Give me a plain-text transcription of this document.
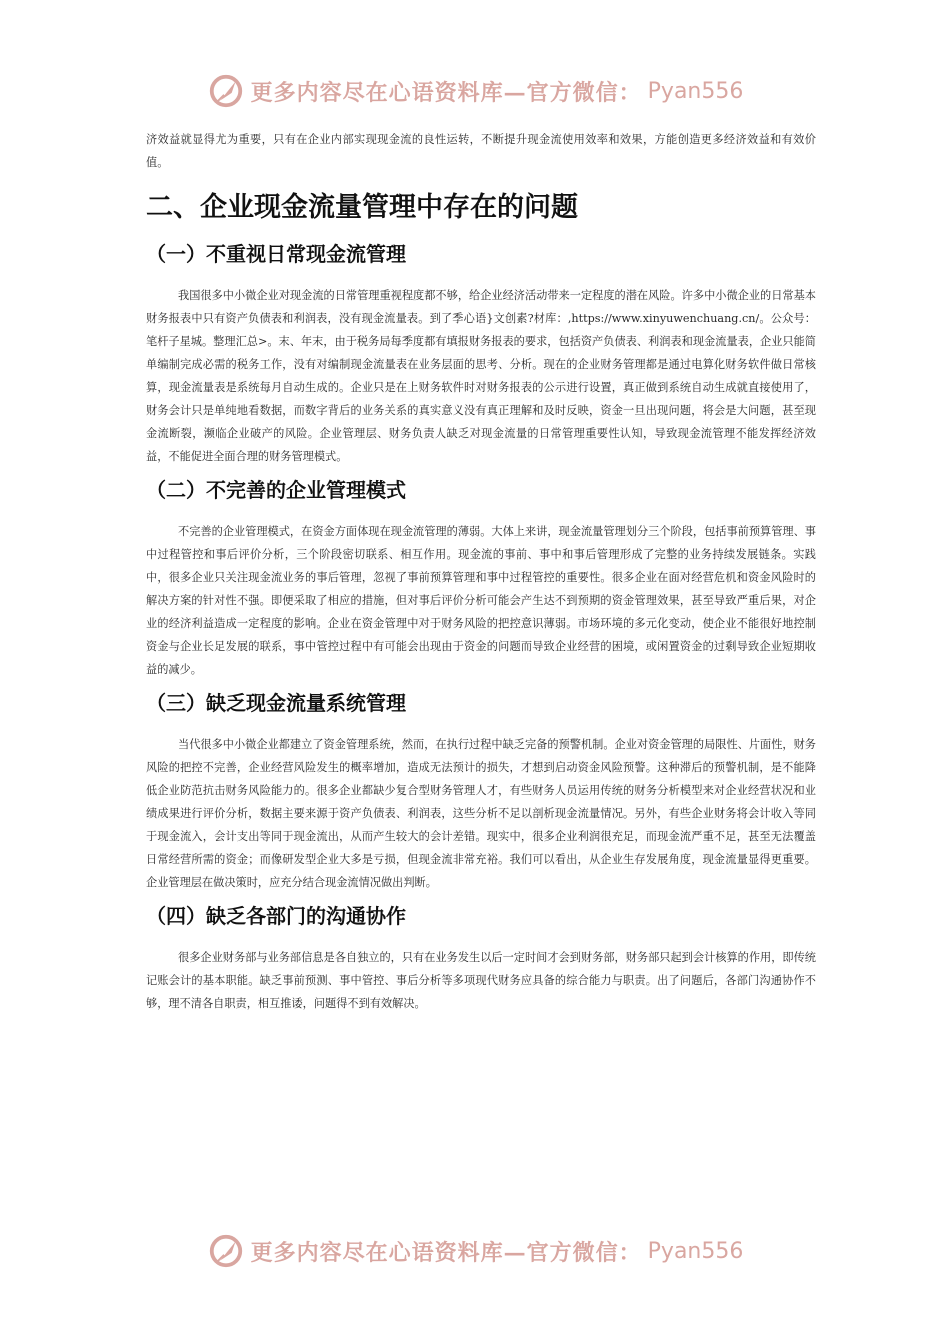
更多内容尽在心语资料库—官方微信： Pyan556

济效益就显得尤为重要，只有在企业内部实现现金流的良性运转，不断提升现金流使用效率和效果，方能创造更多经济效益和有效价值。

二、企业现金流量管理中存在的问题
（一）不重视日常现金流管理

我国很多中小微企业对现金流的日常管理重视程度都不够，给企业经济活动带来一定程度的潜在风险。许多中小微企业的日常基本财务报表中只有资产负债表和利润表，没有现金流量表。到了季心语}文创素?材库：,https://www.xinyuwenchuang.cn/。公众号：笔杆子星城。整理汇总>。末、年末，由于税务局每季度都有填报财务报表的要求，包括资产负债表、利润表和现金流量表，企业只能简单编制完成必需的税务工作，没有对编制现金流量表在业务层面的思考、分析。现在的企业财务管理都是通过电算化财务软件做日常核算，现金流量表是系统每月自动生成的。企业只是在上财务软件时对财务报表的公示进行设置，真正做到系统自动生成就直接使用了，财务会计只是单纯地看数据，而数字背后的业务关系的真实意义没有真正理解和及时反映，资金一旦出现问题，将会是大问题，甚至现金流断裂，濒临企业破产的风险。企业管理层、财务负责人缺乏对现金流量的日常管理重要性认知，导致现金流管理不能发挥经济效益，不能促进全面合理的财务管理模式。

（二）不完善的企业管理模式

不完善的企业管理模式，在资金方面体现在现金流管理的薄弱。大体上来讲，现金流量管理划分三个阶段，包括事前预算管理、事中过程管控和事后评价分析，三个阶段密切联系、相互作用。现金流的事前、事中和事后管理形成了完整的业务持续发展链条。实践中，很多企业只关注现金流业务的事后管理，忽视了事前预算管理和事中过程管控的重要性。很多企业在面对经营危机和资金风险时的解决方案的针对性不强。即便采取了相应的措施，但对事后评价分析可能会产生达不到预期的资金管理效果，甚至导致严重后果，对企业的经济利益造成一定程度的影响。企业在资金管理中对于财务风险的把控意识薄弱。市场环境的多元化变动，使企业不能很好地控制资金与企业长足发展的联系，事中管控过程中有可能会出现由于资金的问题而导致企业经营的困境，或闲置资金的过剩导致企业短期收益的减少。

（三）缺乏现金流量系统管理

当代很多中小微企业都建立了资金管理系统，然而，在执行过程中缺乏完备的预警机制。企业对资金管理的局限性、片面性，财务风险的把控不完善，企业经营风险发生的概率增加，造成无法预计的损失，才想到启动资金风险预警。这种滞后的预警机制，是不能降低企业防范抗击财务风险能力的。很多企业都缺少复合型财务管理人才，有些财务人员运用传统的财务分析模型来对企业经营状况和业绩成果进行评价分析，数据主要来源于资产负债表、利润表，这些分析不足以剖析现金流量情况。另外，有些企业财务将会计收入等同于现金流入，会计支出等同于现金流出，从而产生较大的会计差错。现实中，很多企业利润很充足，而现金流严重不足，甚至无法覆盖日常经营所需的资金；而像研发型企业大多是亏损，但现金流非常充裕。我们可以看出，从企业生存发展角度，现金流量显得更重要。企业管理层在做决策时，应充分结合现金流情况做出判断。

（四）缺乏各部门的沟通协作

很多企业财务部与业务部信息是各自独立的，只有在业务发生以后一定时间才会到财务部，财务部只起到会计核算的作用，即传统记账会计的基本职能。缺乏事前预测、事中管控、事后分析等多项现代财务应具备的综合能力与职责。出了问题后，各部门沟通协作不够，理不清各自职责，相互推诿，问题得不到有效解决。

更多内容尽在心语资料库—官方微信： Pyan556
